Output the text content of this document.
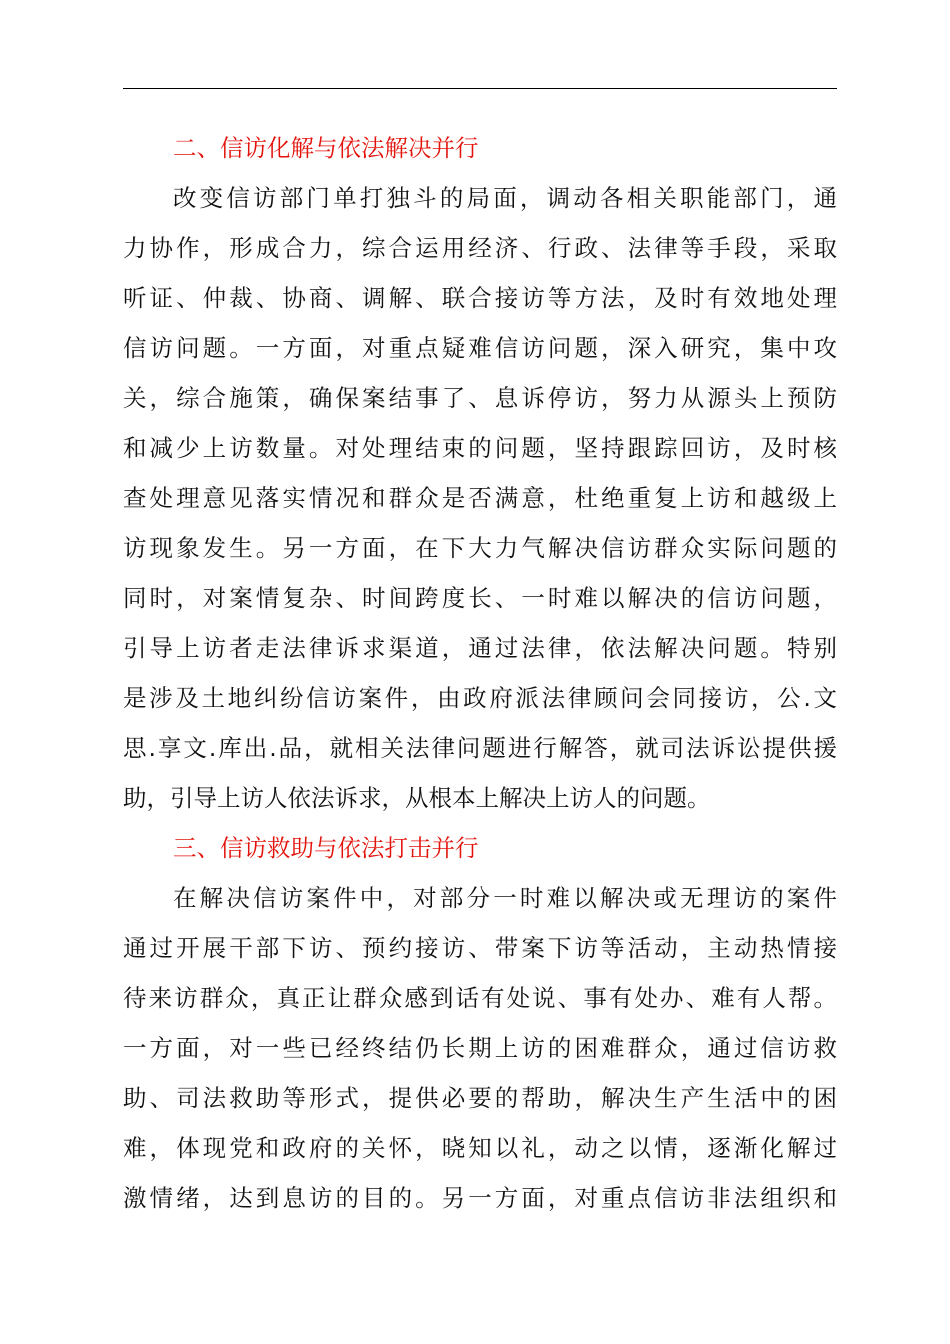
二、信访化解与依法解决并行
改变信访部门单打独斗的局面，调动各相关职能部门，通
力协作，形成合力，综合运用经济、行政、法律等手段，采取
听证、仲裁、协商、调解、联合接访等方法，及时有效地处理
信访问题。一方面，对重点疑难信访问题，深入研究，集中攻
关，综合施策，确保案结事了、息诉停访，努力从源头上预防
和减少上访数量。对处理结束的问题，坚持跟踪回访，及时核
查处理意见落实情况和群众是否满意，杜绝重复上访和越级上
访现象发生。另一方面，在下大力气解决信访群众实际问题的
同时，对案情复杂、时间跨度长、一时难以解决的信访问题，
引导上访者走法律诉求渠道，通过法律，依法解决问题。特别
是涉及土地纠纷信访案件，由政府派法律顾问会同接访，公.文
思.享文.库出.品，就相关法律问题进行解答，就司法诉讼提供援
助，引导上访人依法诉求，从根本上解决上访人的问题。
三、信访救助与依法打击并行
在解决信访案件中，对部分一时难以解决或无理访的案件
通过开展干部下访、预约接访、带案下访等活动，主动热情接
待来访群众，真正让群众感到话有处说、事有处办、难有人帮。
一方面，对一些已经终结仍长期上访的困难群众，通过信访救
助、司法救助等形式，提供必要的帮助，解决生产生活中的困
难，体现党和政府的关怀，晓知以礼，动之以情，逐渐化解过
激情绪，达到息访的目的。另一方面，对重点信访非法组织和
